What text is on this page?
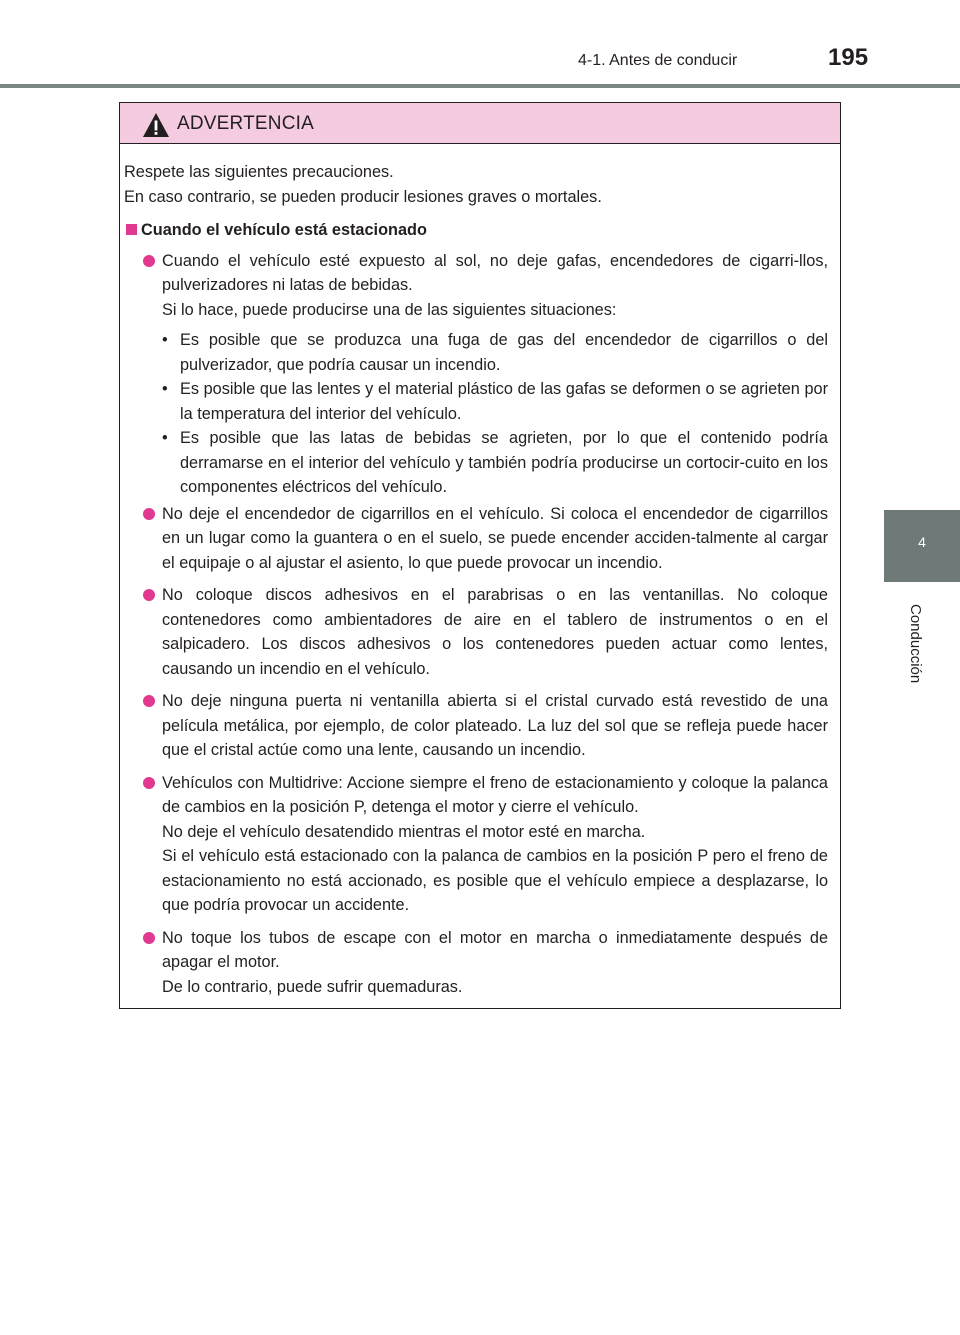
4-1. Antes de conducir	195
4
Conducción
ADVERTENCIA

Respete las siguientes precauciones.

En caso contrario, se pueden producir lesiones graves o mortales.

Cuando el vehículo está estacionado

Cuando el vehículo esté expuesto al sol, no deje gafas, encendedores de cigarri-llos, pulverizadores ni latas de bebidas.

Si lo hace, puede producirse una de las siguientes situaciones:

• Es posible que se produzca una fuga de gas del encendedor de cigarrillos o del pulverizador, que podría causar un incendio.
• Es posible que las lentes y el material plástico de las gafas se deformen o se agrieten por la temperatura del interior del vehículo.
• Es posible que las latas de bebidas se agrieten, por lo que el contenido podría derramarse en el interior del vehículo y también podría producirse un cortocir-cuito en los componentes eléctricos del vehículo.

No deje el encendedor de cigarrillos en el vehículo. Si coloca el encendedor de cigarrillos en un lugar como la guantera o en el suelo, se puede encender acciden-talmente al cargar el equipaje o al ajustar el asiento, lo que puede provocar un incendio.

No coloque discos adhesivos en el parabrisas o en las ventanillas. No coloque contenedores como ambientadores de aire en el tablero de instrumentos o en el salpicadero. Los discos adhesivos o los contenedores pueden actuar como lentes, causando un incendio en el vehículo.

No deje ninguna puerta ni ventanilla abierta si el cristal curvado está revestido de una película metálica, por ejemplo, de color plateado. La luz del sol que se refleja puede hacer que el cristal actúe como una lente, causando un incendio.

Vehículos con Multidrive: Accione siempre el freno de estacionamiento y coloque la palanca de cambios en la posición P, detenga el motor y cierre el vehículo.

No deje el vehículo desatendido mientras el motor esté en marcha.

Si el vehículo está estacionado con la palanca de cambios en la posición P pero el freno de estacionamiento no está accionado, es posible que el vehículo empiece a desplazarse, lo que podría provocar un accidente.

No toque los tubos de escape con el motor en marcha o inmediatamente después de apagar el motor.

De lo contrario, puede sufrir quemaduras.
